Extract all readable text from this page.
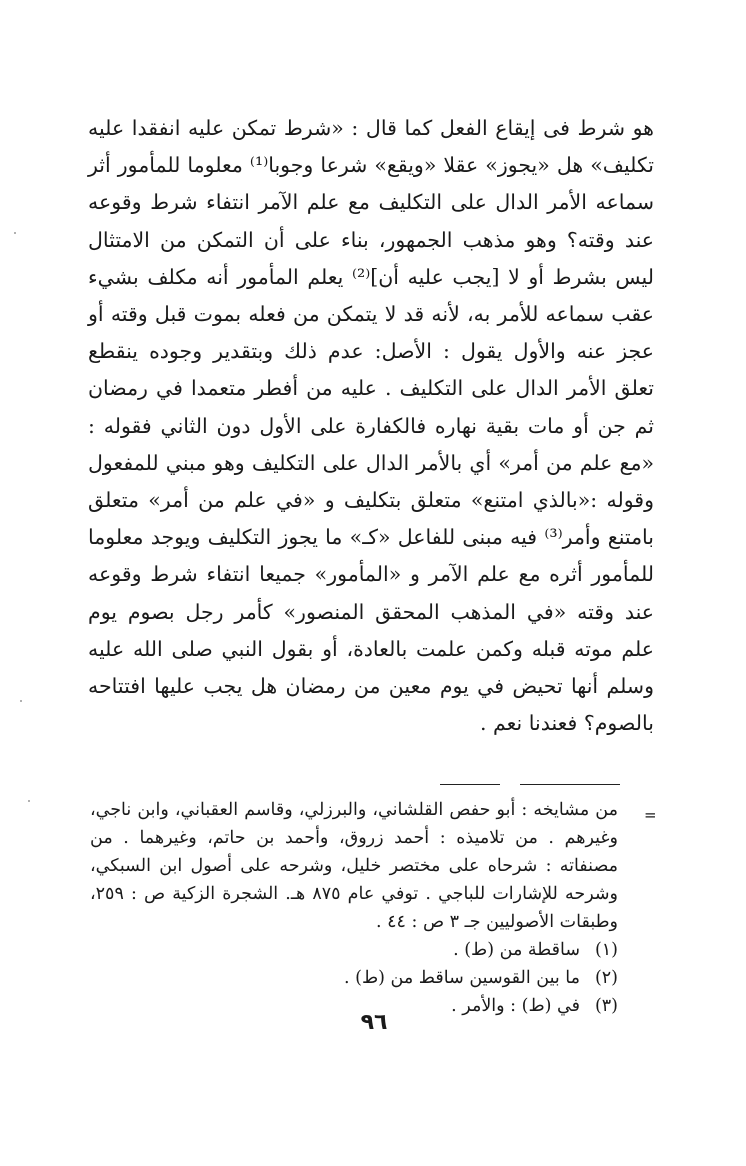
هو شرط فى إيقاع الفعل كما قال : «شرط تمكن عليه انفقدا عليه تكليف» هل «يجوز» عقلا «ويقع» شرعا وجوبا⁽¹⁾ معلوما للمأمور أثر سماعه الأمر الدال على التكليف مع علم الآمر انتفاء شرط وقوعه عند وقته؟ وهو مذهب الجمهور، بناء على أن التمكن من الامتثال ليس بشرط أو لا [يجب عليه أن]⁽²⁾ يعلم المأمور أنه مكلف بشيء عقب سماعه للأمر به، لأنه قد لا يتمكن من فعله بموت قبل وقته أو عجز عنه والأول يقول : الأصل: عدم ذلك وبتقدير وجوده ينقطع تعلق الأمر الدال على التكليف . عليه من أفطر متعمدا في رمضان ثم جن أو مات بقية نهاره فالكفارة على الأول دون الثاني فقوله : «مع علم من أمر» أي بالأمر الدال على التكليف وهو مبني للمفعول وقوله :«بالذي امتنع» متعلق بتكليف و «في علم من أمر» متعلق بامتنع وأمر⁽³⁾ فيه مبنى للفاعل «كـ» ما يجوز التكليف ويوجد معلوما للمأمور أثره مع علم الآمر و «المأمور» جميعا انتفاء شرط وقوعه عند وقته «في المذهب المحقق المنصور» كأمر رجل بصوم يوم علم موته قبله وكمن علمت بالعادة، أو بقول النبي صلى الله عليه وسلم أنها تحيض في يوم معين من رمضان هل يجب عليها افتتاحه بالصوم؟ فعندنا نعم .

=

من مشايخه : أبو حفص القلشاني، والبرزلي، وقاسم العقباني، وابن ناجي، وغيرهم . من تلاميذه : أحمد زروق، وأحمد بن حاتم، وغيرهما . من مصنفاته : شرحاه على مختصر خليل، وشرحه على أصول ابن السبكي، وشرحه للإشارات للباجي . توفي عام ٨٧٥ هـ. الشجرة الزكية ص : ٢٥٩، وطبقات الأصوليين جـ ٣ ص : ٤٤ .

(١)
ساقطة من (ط) .
(٢)
ما بين القوسين ساقط من (ط) .
(٣)
في (ط) : والأمر .
٩٦
